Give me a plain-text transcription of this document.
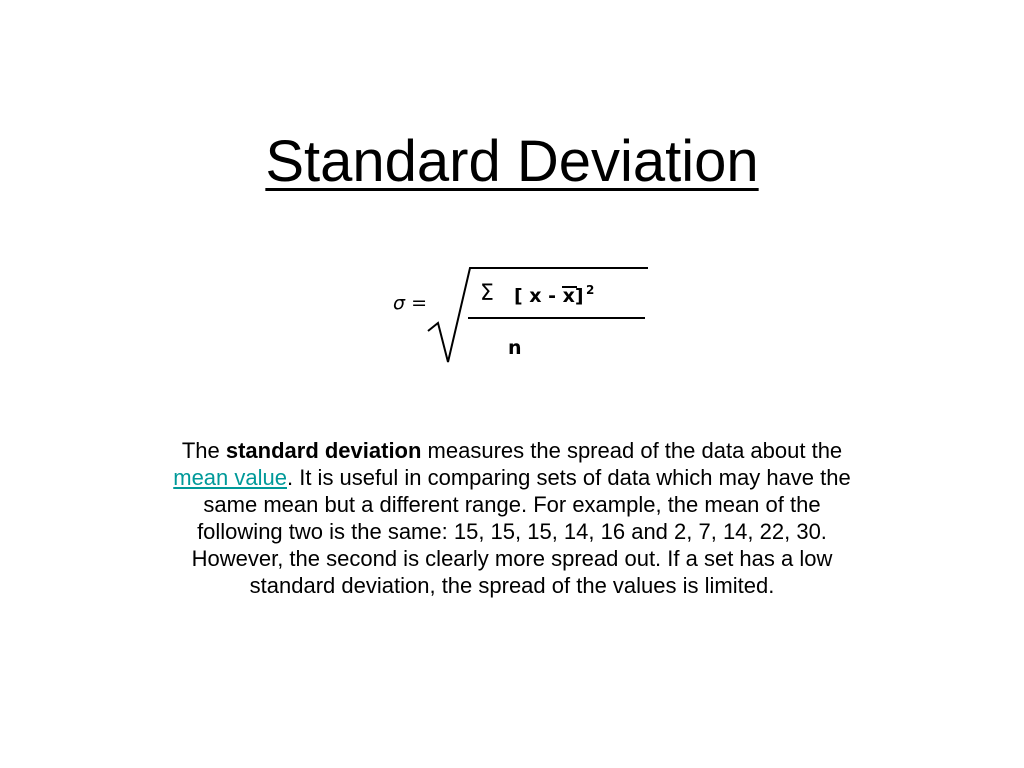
Standard Deviation
σ = Σ [ x - x] 2
n

The standard deviation measures the spread of the data about the mean value. It is useful in comparing sets of data which may have the same mean but a different range. For example, the mean of the following two is the same: 15, 15, 15, 14, 16 and 2, 7, 14, 22, 30. However, the second is clearly more spread out. If a set has a low standard deviation, the spread of the values is limited.
